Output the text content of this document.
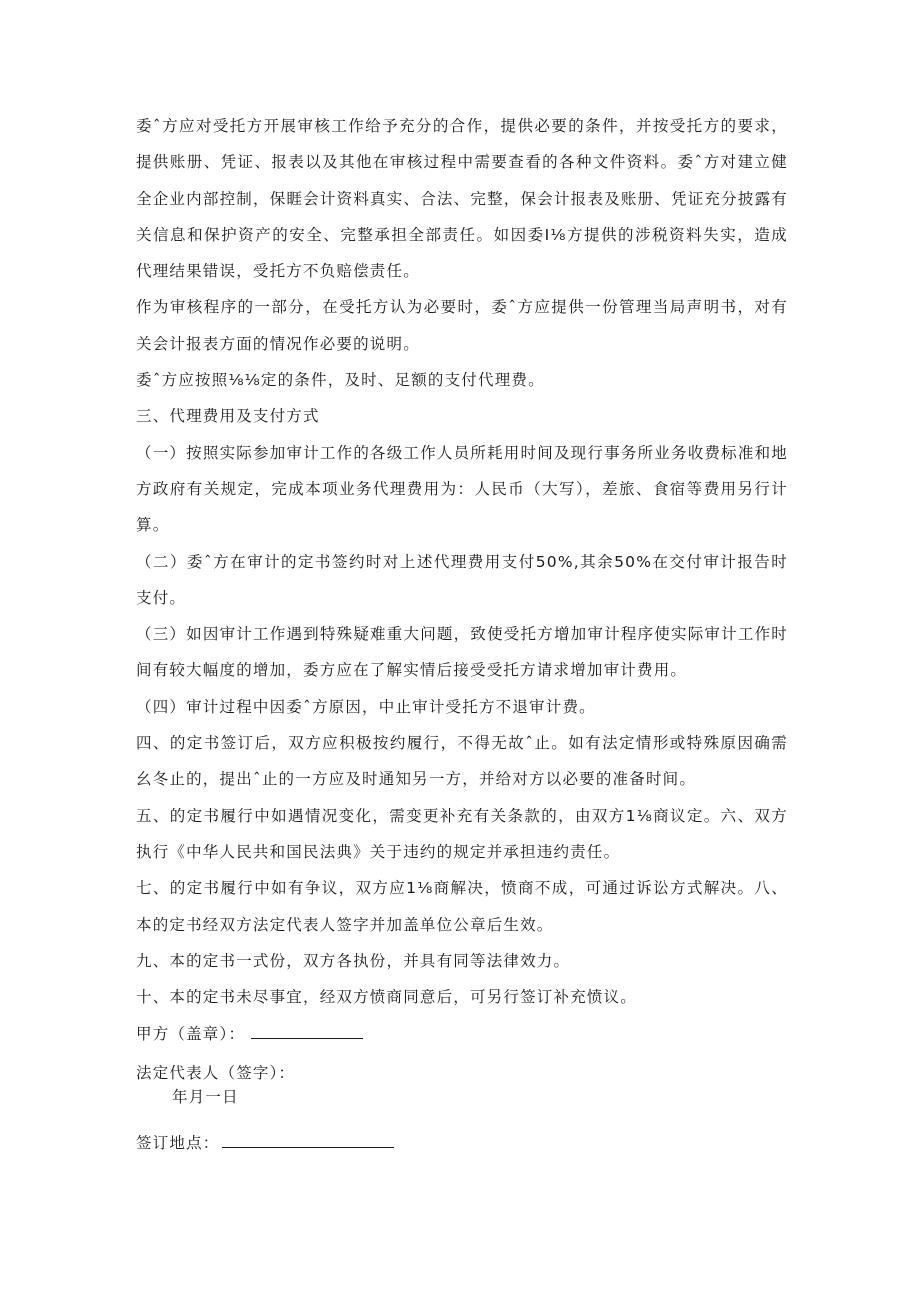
委ˆ方应对受托方开展审核工作给予充分的合作，提供必要的条件，并按受托方的要求，提供账册、凭证、报表以及其他在审核过程中需要查看的各种文件资料。委ˆ方对建立健全企业内部控制，保睚会计资料真实、合法、完整，保会计报表及账册、凭证充分披露有关信息和保护资产的安全、完整承担全部责任。如因委I⅛方提供的涉税资料失实，造成代理结果错误，受托方不负赔偿责任。

作为审核程序的一部分，在受托方认为必要时，委ˆ方应提供一份管理当局声明书，对有关会计报表方面的情况作必要的说明。

委ˆ方应按照⅛⅛定的条件，及时、足额的支付代理费。

三、代理费用及支付方式

（一）按照实际参加审计工作的各级工作人员所耗用时间及现行事务所业务收费标准和地方政府有关规定，完成本项业务代理费用为：人民币（大写），差旅、食宿等费用另行计算。

（二）委ˆ方在审计的定书签约时对上述代理费用支付50%,其余50%在交付审计报告时支付。

（三）如因审计工作遇到特殊疑难重大问题，致使受托方增加审计程序使实际审计工作时间有较大幅度的增加，委方应在了解实情后接受受托方请求增加审计费用。

（四）审计过程中因委ˆ方原因，中止审计受托方不退审计费。

四、的定书签订后，双方应积极按约履行，不得无故ˆ止。如有法定情形或特殊原因确需幺冬止的，提出ˆ止的一方应及时通知另一方，并给对方以必要的准备时间。

五、的定书履行中如遇情况变化，需变更补充有关条款的，由双方1⅛商议定。六、双方执行《中华人民共和国民法典》关于违约的规定并承担违约责任。

七、的定书履行中如有争议，双方应1⅛商解决，愤商不成，可通过诉讼方式解决。八、本的定书经双方法定代表人签字并加盖单位公章后生效。

九、本的定书一式份，双方各执份，并具有同等法律效力。

十、本的定书未尽事宜，经双方愤商同意后，可另行签订补充愤议。

甲方（盖章）：

法定代表人（签字）：

年月一日

签订地点：
